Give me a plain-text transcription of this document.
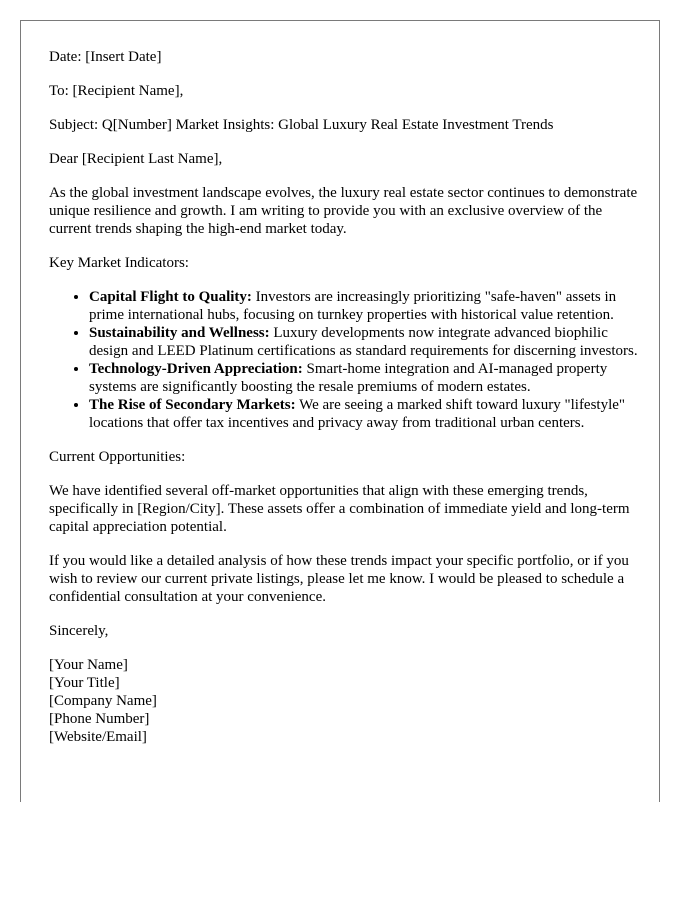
Date: [Insert Date]

To: [Recipient Name],

Subject: Q[Number] Market Insights: Global Luxury Real Estate Investment Trends

Dear [Recipient Last Name],

As the global investment landscape evolves, the luxury real estate sector continues to demonstrate unique resilience and growth. I am writing to provide you with an exclusive overview of the current trends shaping the high-end market today.

Key Market Indicators:

• Capital Flight to Quality: Investors are increasingly prioritizing "safe-haven" assets in prime international hubs, focusing on turnkey properties with historical value retention.
• Sustainability and Wellness: Luxury developments now integrate advanced biophilic design and LEED Platinum certifications as standard requirements for discerning investors.
• Technology-Driven Appreciation: Smart-home integration and AI-managed property systems are significantly boosting the resale premiums of modern estates.
• The Rise of Secondary Markets: We are seeing a marked shift toward luxury "lifestyle" locations that offer tax incentives and privacy away from traditional urban centers.

Current Opportunities:

We have identified several off-market opportunities that align with these emerging trends, specifically in [Region/City]. These assets offer a combination of immediate yield and long-term capital appreciation potential.

If you would like a detailed analysis of how these trends impact your specific portfolio, or if you wish to review our current private listings, please let me know. I would be pleased to schedule a confidential consultation at your convenience.

Sincerely,

[Your Name]

[Your Title]

[Company Name]

[Phone Number]

[Website/Email]
